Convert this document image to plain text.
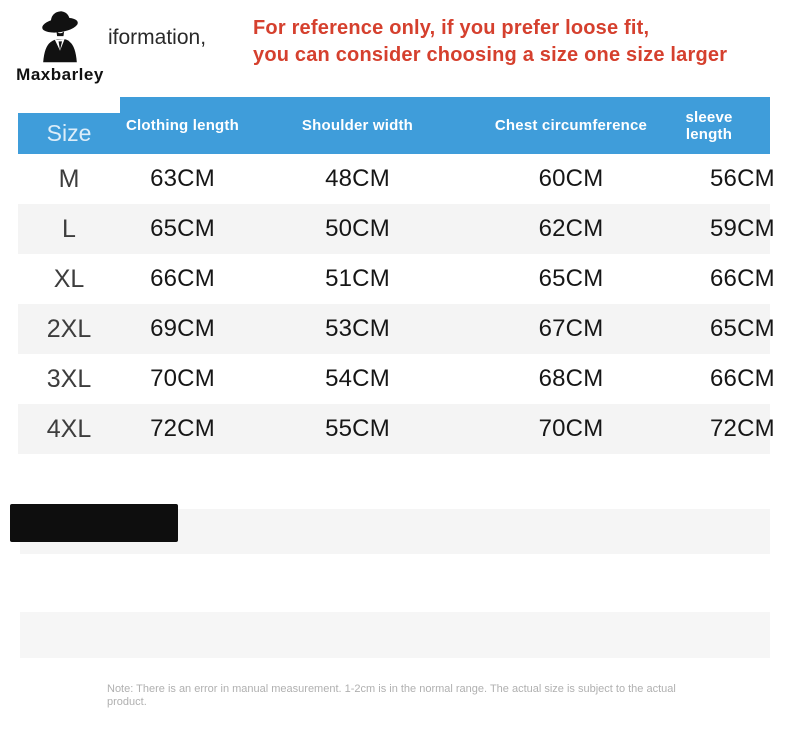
Maxbarley
iformation, For reference only, if you prefer loose fit,
you can consider choosing a size one size larger
Size	Clothing length	Shoulder width	Chest circumference	sleeve length
M	63CM	48CM	60CM	56CM
L	65CM	50CM	62CM	59CM
XL	66CM	51CM	65CM	66CM
2XL	69CM	53CM	67CM	65CM
3XL	70CM	54CM	68CM	66CM
4XL	72CM	55CM	70CM	72CM
Note: There is an error in manual measurement. 1-2cm is in the normal range. The actual size is subject to the actual
product.
